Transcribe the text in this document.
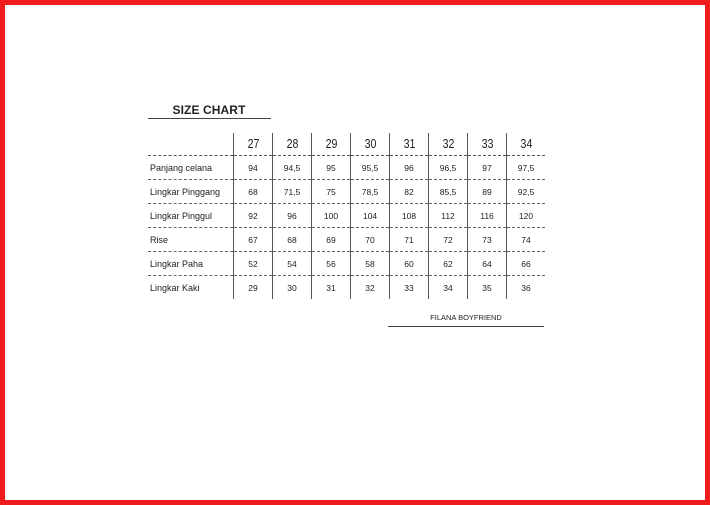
SIZE CHART
	27	28	29	30	31	32	33	34
Panjang celana	94	94,5	95	95,5	96	96,5	97	97,5
Lingkar Pinggang	68	71,5	75	78,5	82	85,5	89	92,5
Lingkar Pinggul	92	96	100	104	108	112	116	120
Rise	67	68	69	70	71	72	73	74
Lingkar Paha	52	54	56	58	60	62	64	66
Lingkar Kaki	29	30	31	32	33	34	35	36
FILANA BOYFRIEND
